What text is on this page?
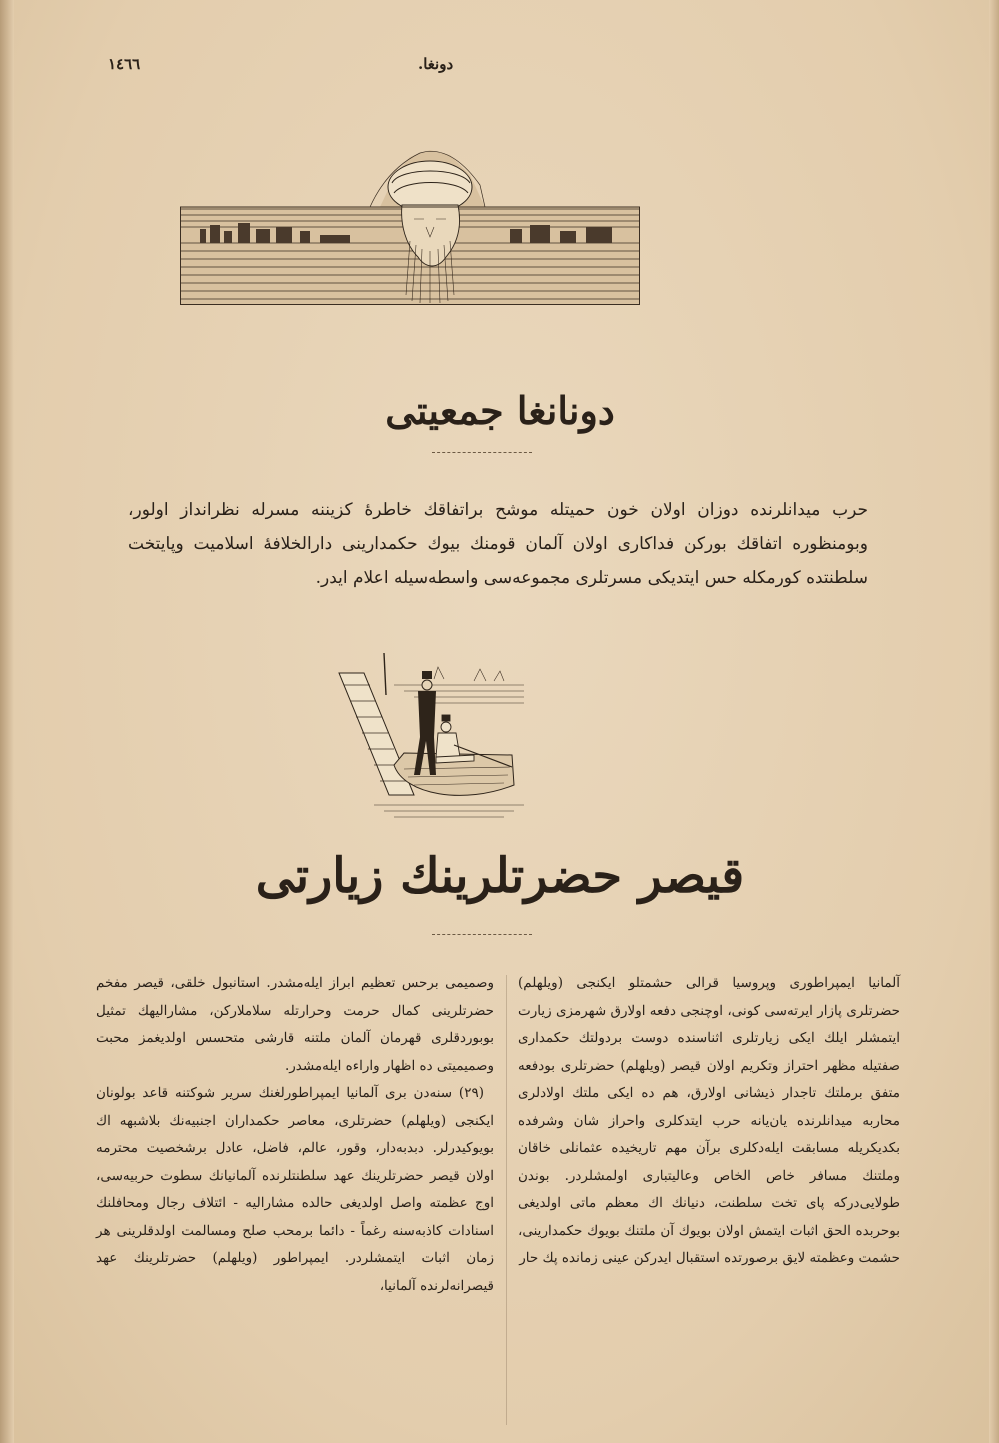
١٤٦٦	دونغا.
دونانغا جمعيتى
حرب ميدانلرنده دوزان اولان خون حميتله موشح براتفاقك خاطرهٔ كزيننه مسرله نظرانداز اولور، وبومنظوره اتفاقك بوركن فداكارى اولان آلمان قومنك بيوك حكمدارينى دارالخلافهٔ اسلاميت وپايتخت سلطنتده كورمكله حس ايتديكى مسرتلرى مجموعه‌سى واسطه‌سيله اعلام ايدر.
قيصر حضرتلرينك زيارتى

آلمانيا ايمپراطورى وپروسيا قرالى حشمتلو ايكنجى (ويلهلم) حضرتلرى پازار ايرته‌سى كونى، اوچنجى دفعه اولارق شهرمزى زيارت ايتمشلر ايلك ايكى زيارتلرى اثناسنده دوست بردولتك حكمدارى صفتيله مظهر احتراز وتكريم اولان قيصر (ويلهلم) حضرتلرى بودفعه متفق برملتك تاجدار ذيشانى اولارق، هم ده ايكى ملتك اولادلرى محاربه ميدانلرنده يان‌يانه حرب ايتدكلرى واحراز شان وشرفده بكديكريله مسابقت ايله‌دكلرى برآن مهم تاريخيده عثمانلى خاقان وملتنك مسافر خاص الخاص وعاليتبارى اولمشلردر. بوندن طولايى‌درکه پاى تخت سلطنت، دنيانك اك معظم ماتى اولديغى بوحربده الحق اثبات ايتمش اولان بويوك آن ملتنك بويوك حكمدارينى، حشمت وعظمته لايق برصورتده استقبال ايدركن عينى زمانده پك حار

وصميمى برحس تعظيم ابراز ايله‌مشدر. استانبول خلقى، قيصر مفخم حضرتلرينى كمال حرمت وحرارتله سلاملاركن، مشارالیهك تمثيل بوبوردقلرى قهرمان آلمان ملتنه قارشى متحسس اولديغمز محبت وصميميتى ده اظهار واراءه ايله‌مشدر.

(۲۹) سنه‌دن برى آلمانيا ايمپراطورلغنك سرير شوكتنه قاعد بولونان ايكنجى (ويلهلم) حضرتلرى، معاصر حكمداران اجنبيه‌نك بلاشبهه اك بويوكيدرلر. دبدبه‌دار، وقور، عالم، فاضل، عادل برشخصيت محترمه اولان قيصر حضرتلرينك عهد سلطنتلرنده آلمانيانك سطوت حربيه‌سى، اوج عظمته واصل اولديغى حالده مشاراليه - ائتلاف رجال ومحافلنك اسنادات كاذبه‌سنه رغماً - دائما برمحب صلح ومسالمت اولدقلرينى هر زمان اثبات ايتمشلردر. ايمپراطور (ويلهلم) حضرتلرينك عهد قيصرانه‌لرنده آلمانيا،
